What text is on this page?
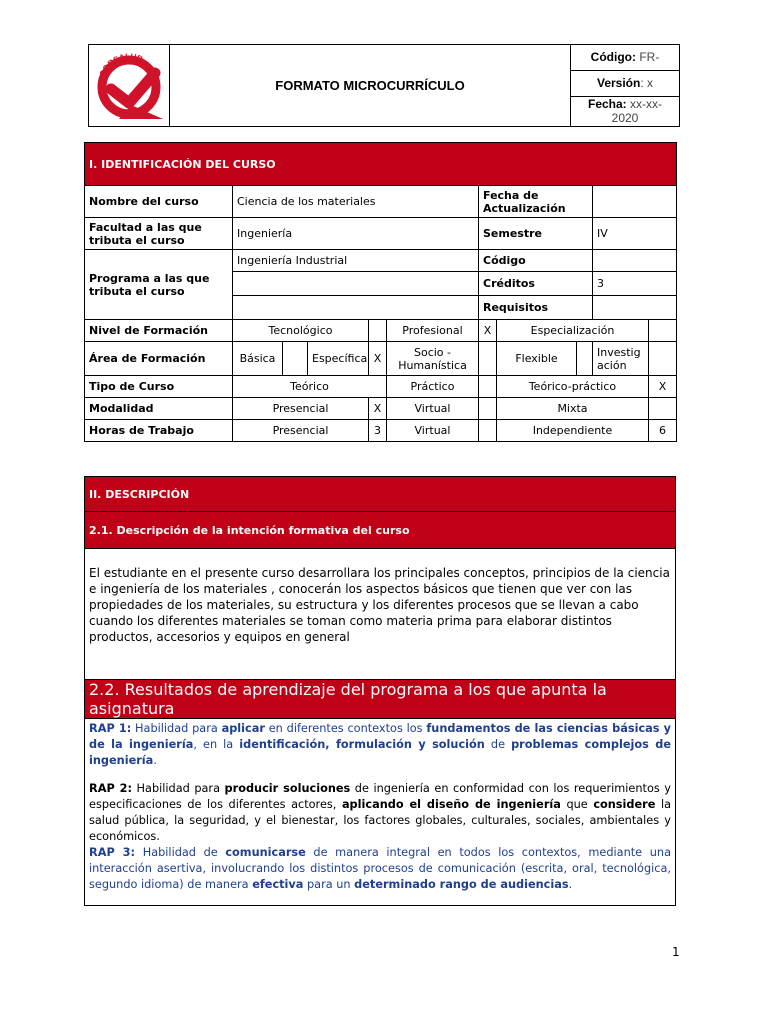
CORSALUD
	FORMATO MICROCURRÍCULO	Código: FR-
Versión: x
Fecha: xx-xx-2020
I. IDENTIFICACIÓN DEL CURSO										
Nombre del curso	Ciencia de los materiales					Fecha de Actualización				
Facultad a las que tributa el curso	Ingeniería					Semestre			IV	
Programa a las que tributa el curso	Ingeniería Industrial					Código				
						Créditos			3	
						Requisitos				
Nivel de Formación	Tecnológico				Profesional	X	Especialización			
Área de Formación	Básica		Específica	X	Socio - Humanística		Flexible		Investigación	
Tipo de Curso	Teórico				Práctico		Teórico-práctico			X
Modalidad	Presencial			X	Virtual		Mixta			
Horas de Trabajo	Presencial			3	Virtual		Independiente			6
II. DESCRIPCIÓN
2.1. Descripción de la intención formativa del curso
El estudiante en el presente curso desarrollara los principales conceptos, principios de la ciencia e ingeniería de los materiales , conocerán los aspectos básicos que tienen que ver con las propiedades de los materiales, su estructura y los diferentes procesos que se llevan a cabo cuando los diferentes materiales se toman como materia prima para elaborar distintos productos, accesorios y equipos en general
2.2. Resultados de aprendizaje del programa a los que apunta la asignatura

RAP 1: Habilidad para aplicar en diferentes contextos los fundamentos de las ciencias básicas y de la ingeniería, en la identificación, formulación y solución de problemas complejos de ingeniería.
RAP 2: Habilidad para producir soluciones de ingeniería en conformidad con los requerimientos y especificaciones de los diferentes actores, aplicando el diseño de ingeniería que considere la salud pública, la seguridad, y el bienestar, los factores globales, culturales, sociales, ambientales y económicos.
RAP 3: Habilidad de comunicarse de manera integral en todos los contextos, mediante una interacción asertiva, involucrando los distintos procesos de comunicación (escrita, oral, tecnológica, segundo idioma) de manera efectiva para un determinado rango de audiencias.
1
